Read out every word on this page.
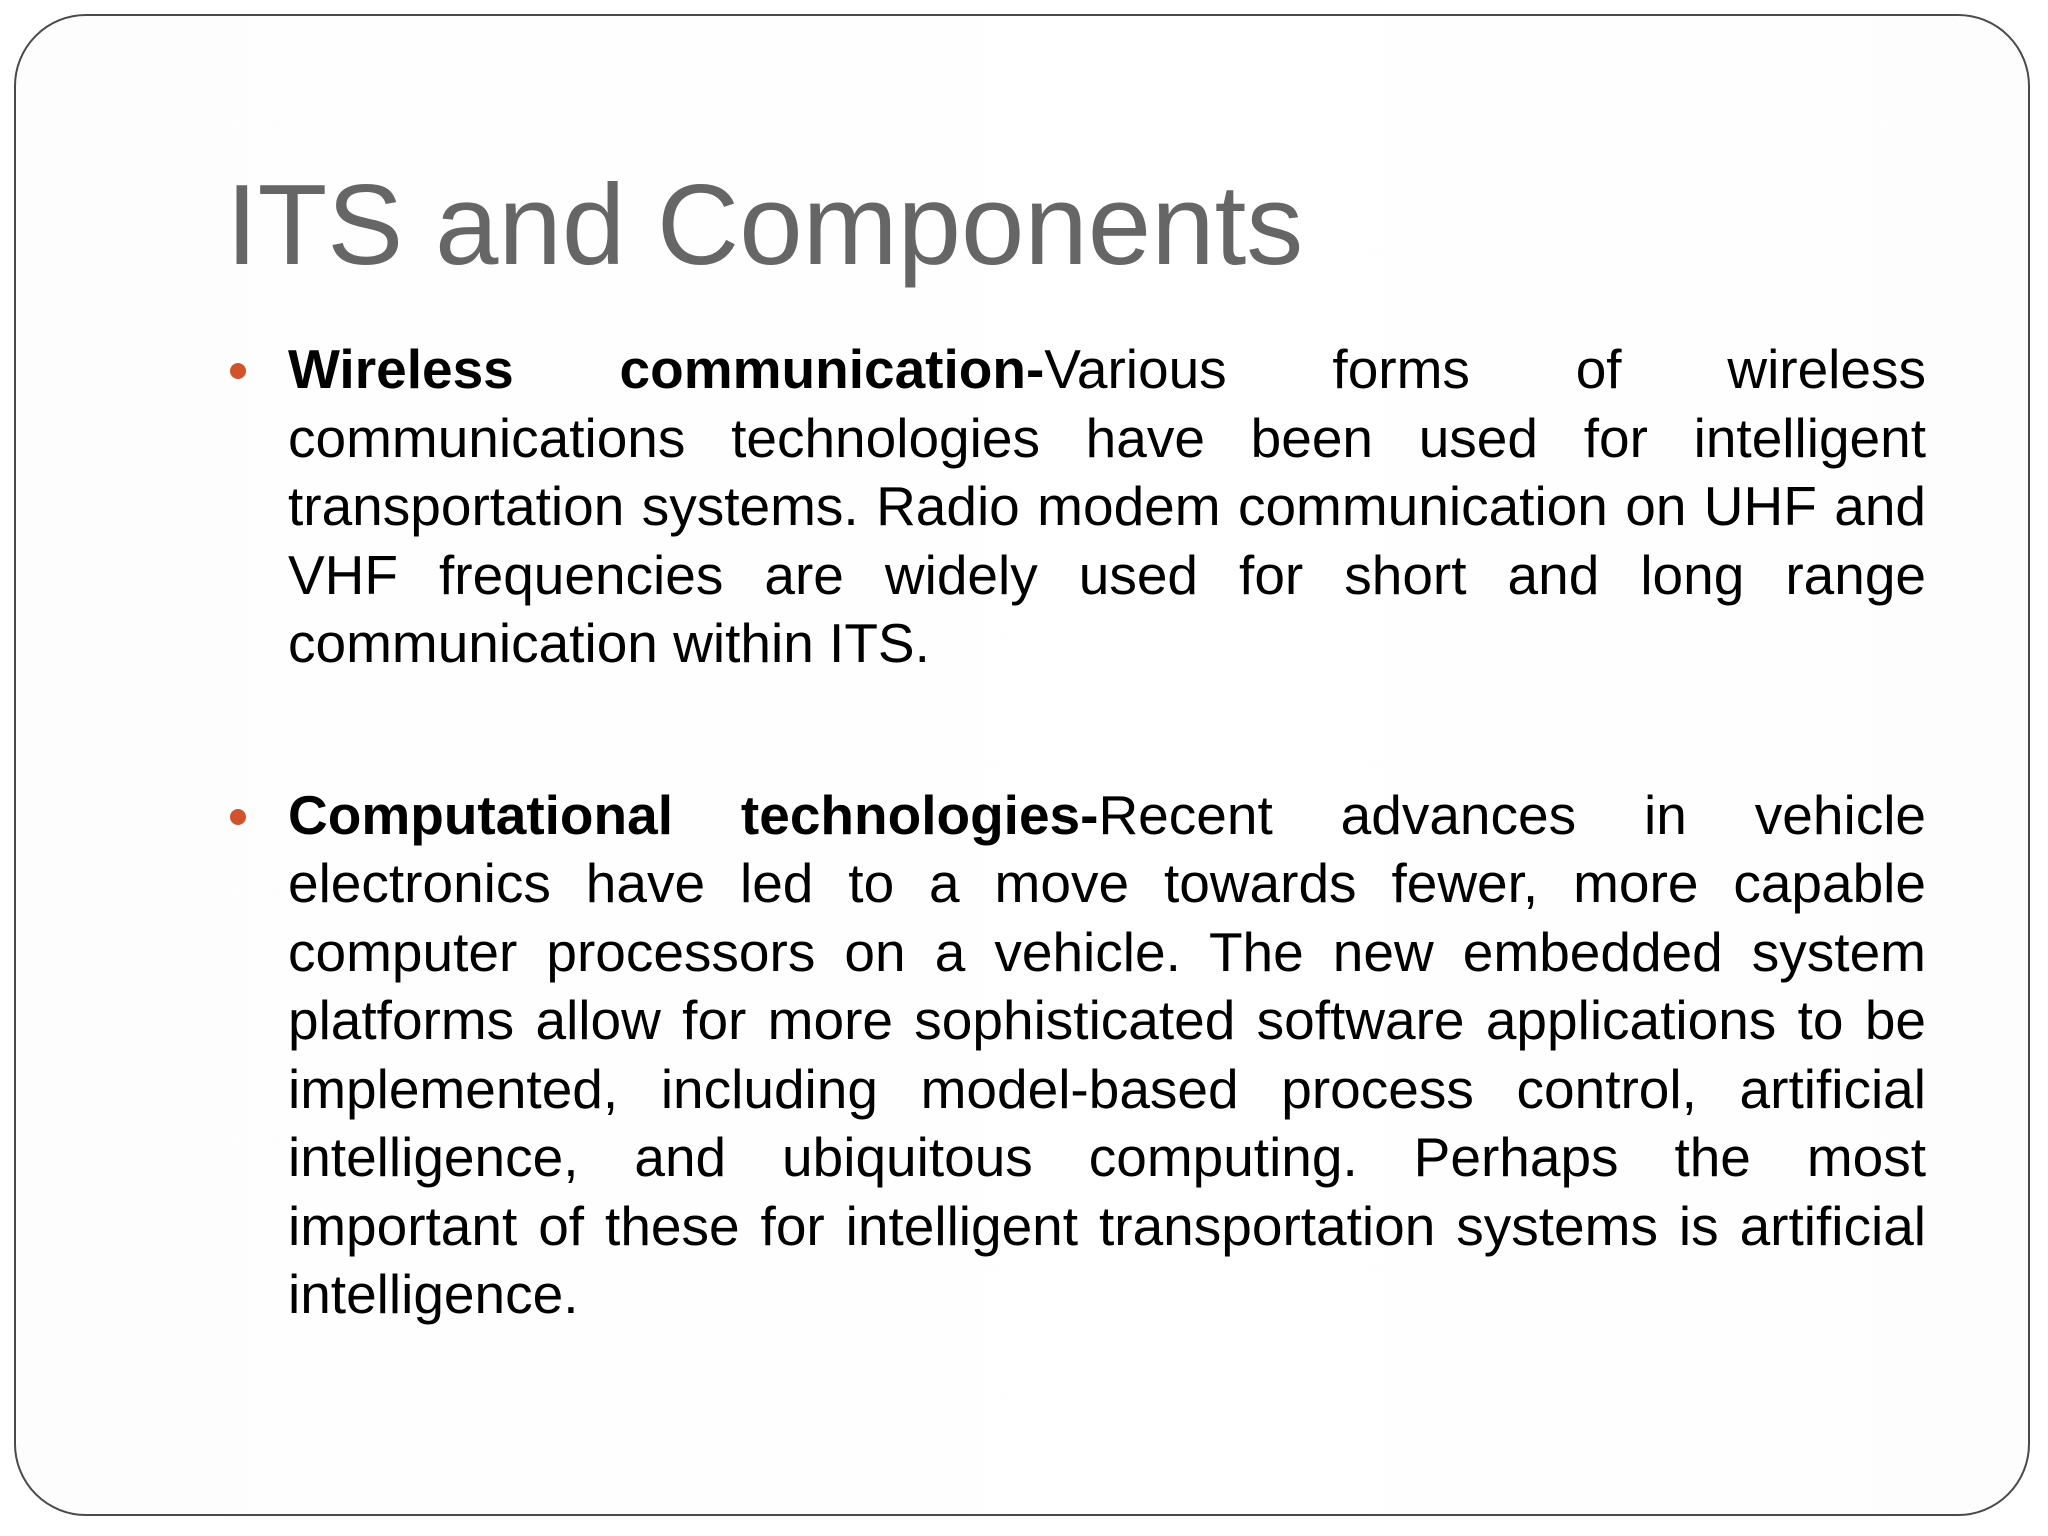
ITS and Components
Wireless communication-Various forms of wireless communications technologies have been used for intelligent transportation systems. Radio modem communication on UHF and VHF frequencies are widely used for short and long range communication within ITS.
Computational technologies-Recent advances in vehicle electronics have led to a move towards fewer, more capable computer processors on a vehicle. The new embedded system platforms allow for more sophisticated software applications to be implemented, including model-based process control, artificial intelligence, and ubiquitous computing. Perhaps the most important of these for intelligent transportation systems is artificial intelligence.
